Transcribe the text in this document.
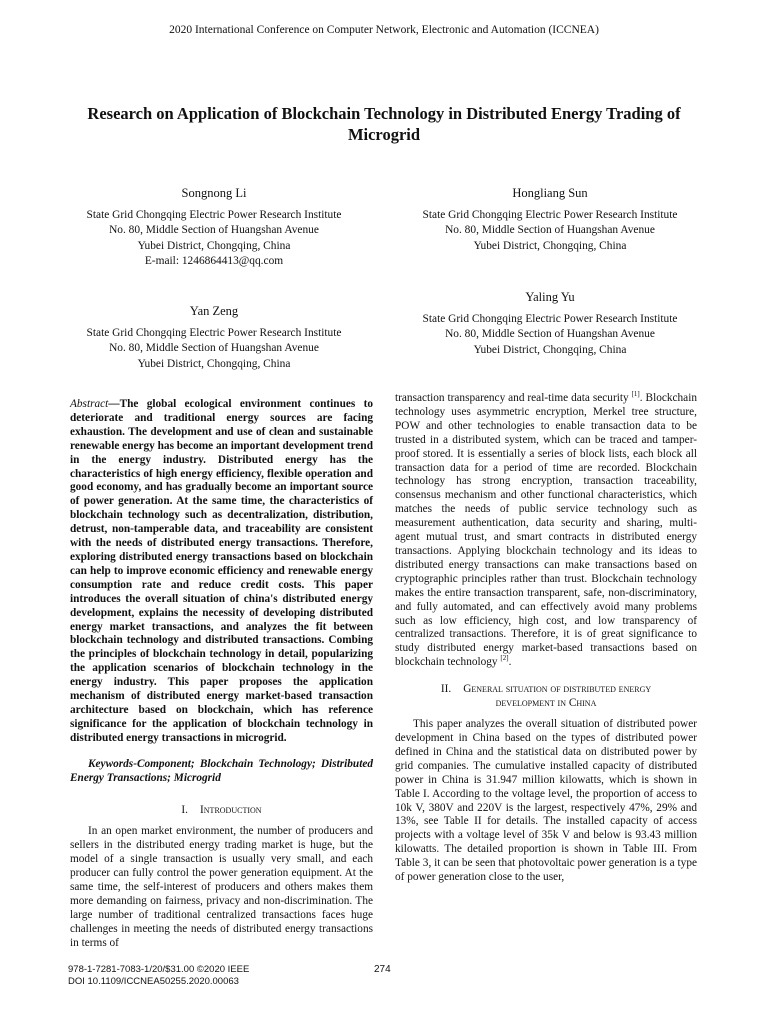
2020 International Conference on Computer Network, Electronic and Automation (ICCNEA)
Research on Application of Blockchain Technology in Distributed Energy Trading of Microgrid
Songnong Li
State Grid Chongqing Electric Power Research Institute
No. 80, Middle Section of Huangshan Avenue
Yubei District, Chongqing, China
E-mail: 1246864413@qq.com
Hongliang Sun
State Grid Chongqing Electric Power Research Institute
No. 80, Middle Section of Huangshan Avenue
Yubei District, Chongqing, China
Yan Zeng
State Grid Chongqing Electric Power Research Institute
No. 80, Middle Section of Huangshan Avenue
Yubei District, Chongqing, China
Yaling Yu
State Grid Chongqing Electric Power Research Institute
No. 80, Middle Section of Huangshan Avenue
Yubei District, Chongqing, China
Abstract—The global ecological environment continues to deteriorate and traditional energy sources are facing exhaustion. The development and use of clean and sustainable renewable energy has become an important development trend in the energy industry. Distributed energy has the characteristics of high energy efficiency, flexible operation and good economy, and has gradually become an important source of power generation. At the same time, the characteristics of blockchain technology such as decentralization, distribution, detrust, non-tamperable data, and traceability are consistent with the needs of distributed energy transactions. Therefore, exploring distributed energy transactions based on blockchain can help to improve economic efficiency and renewable energy consumption rate and reduce credit costs. This paper introduces the overall situation of china's distributed energy development, explains the necessity of developing distributed energy market transactions, and analyzes the fit between blockchain technology and distributed transactions. Combing the principles of blockchain technology in detail, popularizing the application scenarios of blockchain technology in the energy industry. This paper proposes the application mechanism of distributed energy market-based transaction architecture based on blockchain, which has reference significance for the application of blockchain technology in distributed energy transactions in microgrid.
Keywords-Component; Blockchain Technology; Distributed Energy Transactions; Microgrid
I. Introduction

In an open market environment, the number of producers and sellers in the distributed energy trading market is huge, but the model of a single transaction is usually very small, and each producer can fully control the power generation equipment. At the same time, the self-interest of producers and others makes them more demanding on fairness, privacy and non-discrimination. The large number of traditional centralized transactions faces huge challenges in meeting the needs of distributed energy transactions in terms of

transaction transparency and real-time data security [1]. Blockchain technology uses asymmetric encryption, Merkel tree structure, POW and other technologies to enable transaction data to be trusted in a distributed system, which can be traced and tamper-proof stored. It is essentially a series of block lists, each block all transaction data for a period of time are recorded. Blockchain technology has strong encryption, transaction traceability, consensus mechanism and other functional characteristics, which matches the needs of public service technology such as measurement authentication, data security and sharing, multi-agent mutual trust, and smart contracts in distributed energy transactions. Applying blockchain technology and its ideas to distributed energy transactions can make transactions based on cryptographic principles rather than trust. Blockchain technology makes the entire transaction transparent, safe, non-discriminatory, and fully automated, and can effectively avoid many problems such as low efficiency, high cost, and low transparency of centralized transactions. Therefore, it is of great significance to study distributed energy market-based transactions based on blockchain technology [2].

II. General situation of distributed energy
development in China

This paper analyzes the overall situation of distributed power development in China based on the types of distributed power defined in China and the statistical data on distributed power by grid companies. The cumulative installed capacity of distributed power in China is 31.947 million kilowatts, which is shown in Table I. According to the voltage level, the proportion of access to 10k V, 380V and 220V is the largest, respectively 47%, 29% and 13%, see Table II for details. The installed capacity of access projects with a voltage level of 35k V and below is 93.43 million kilowatts. The detailed proportion is shown in Table III. From Table 3, it can be seen that photovoltaic power generation is a type of power generation close to the user,

978-1-7281-7083-1/20/$31.00 ©2020 IEEE
DOI 10.1109/ICCNEA50255.2020.00063
274
